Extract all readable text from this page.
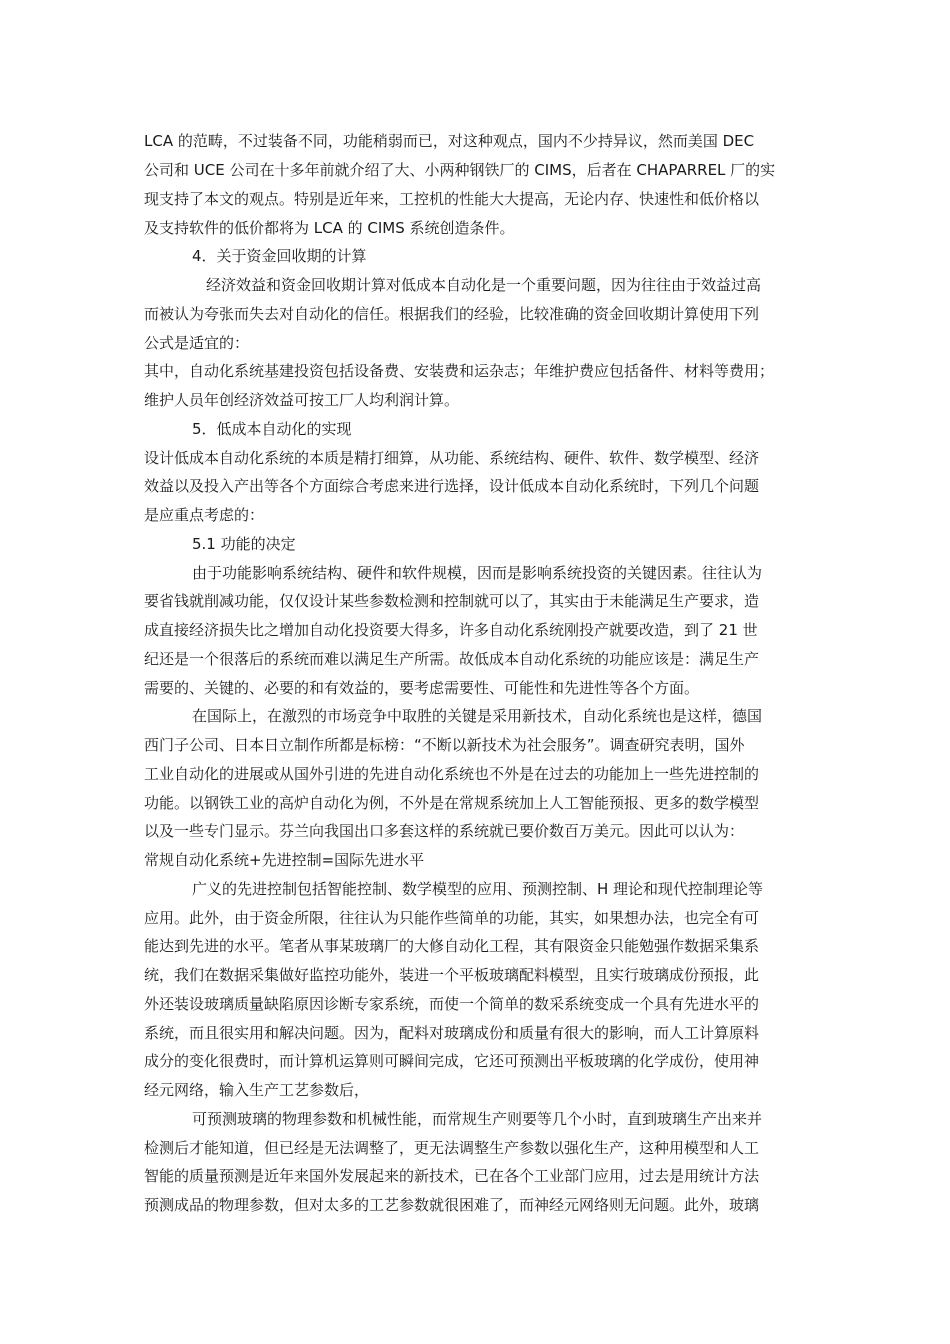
LCA 的范畴，不过装备不同，功能稍弱而已，对这种观点，国内不少持异议，然而美国 DEC
公司和 UCE 公司在十多年前就介绍了大、小两种钢铁厂的 CIMS，后者在 CHAPARREL 厂的实
现支持了本文的观点。特别是近年来，工控机的性能大大提高，无论内存、快速性和低价格以
及支持软件的低价都将为 LCA 的 CIMS 系统创造条件。
4．关于资金回收期的计算
经济效益和资金回收期计算对低成本自动化是一个重要问题，因为往往由于效益过高
而被认为夸张而失去对自动化的信任。根据我们的经验，比较准确的资金回收期计算使用下列
公式是适宜的：
其中，自动化系统基建投资包括设备费、安装费和运杂志；年维护费应包括备件、材料等费用；
维护人员年创经济效益可按工厂人均利润计算。
5．低成本自动化的实现
设计低成本自动化系统的本质是精打细算，从功能、系统结构、硬件、软件、数学模型、经济
效益以及投入产出等各个方面综合考虑来进行选择，设计低成本自动化系统时，下列几个问题
是应重点考虑的：
5.1 功能的决定
由于功能影响系统结构、硬件和软件规模，因而是影响系统投资的关键因素。往往认为
要省钱就削减功能，仅仅设计某些参数检测和控制就可以了，其实由于未能满足生产要求，造
成直接经济损失比之增加自动化投资要大得多，许多自动化系统刚投产就要改造，到了 21 世
纪还是一个很落后的系统而难以满足生产所需。故低成本自动化系统的功能应该是：满足生产
需要的、关键的、必要的和有效益的，要考虑需要性、可能性和先进性等各个方面。
在国际上，在激烈的市场竞争中取胜的关键是采用新技术，自动化系统也是这样，德国
西门子公司、日本日立制作所都是标榜：“不断以新技术为社会服务”。调查研究表明，国外
工业自动化的进展或从国外引进的先进自动化系统也不外是在过去的功能加上一些先进控制的
功能。以钢铁工业的高炉自动化为例，不外是在常规系统加上人工智能预报、更多的数学模型
以及一些专门显示。芬兰向我国出口多套这样的系统就已要价数百万美元。因此可以认为：
常规自动化系统+先进控制=国际先进水平
广义的先进控制包括智能控制、数学模型的应用、预测控制、H 理论和现代控制理论等
应用。此外，由于资金所限，往往认为只能作些简单的功能，其实，如果想办法，也完全有可
能达到先进的水平。笔者从事某玻璃厂的大修自动化工程，其有限资金只能勉强作数据采集系
统，我们在数据采集做好监控功能外，装进一个平板玻璃配料模型，且实行玻璃成份预报，此
外还装设玻璃质量缺陷原因诊断专家系统，而使一个简单的数采系统变成一个具有先进水平的
系统，而且很实用和解决问题。因为，配料对玻璃成份和质量有很大的影响，而人工计算原料
成分的变化很费时，而计算机运算则可瞬间完成，它还可预测出平板玻璃的化学成份，使用神
经元网络，输入生产工艺参数后，
可预测玻璃的物理参数和机械性能，而常规生产则要等几个小时，直到玻璃生产出来并
检测后才能知道，但已经是无法调整了，更无法调整生产参数以强化生产，这种用模型和人工
智能的质量预测是近年来国外发展起来的新技术，已在各个工业部门应用，过去是用统计方法
预测成品的物理参数，但对太多的工艺参数就很困难了，而神经元网络则无问题。此外，玻璃
